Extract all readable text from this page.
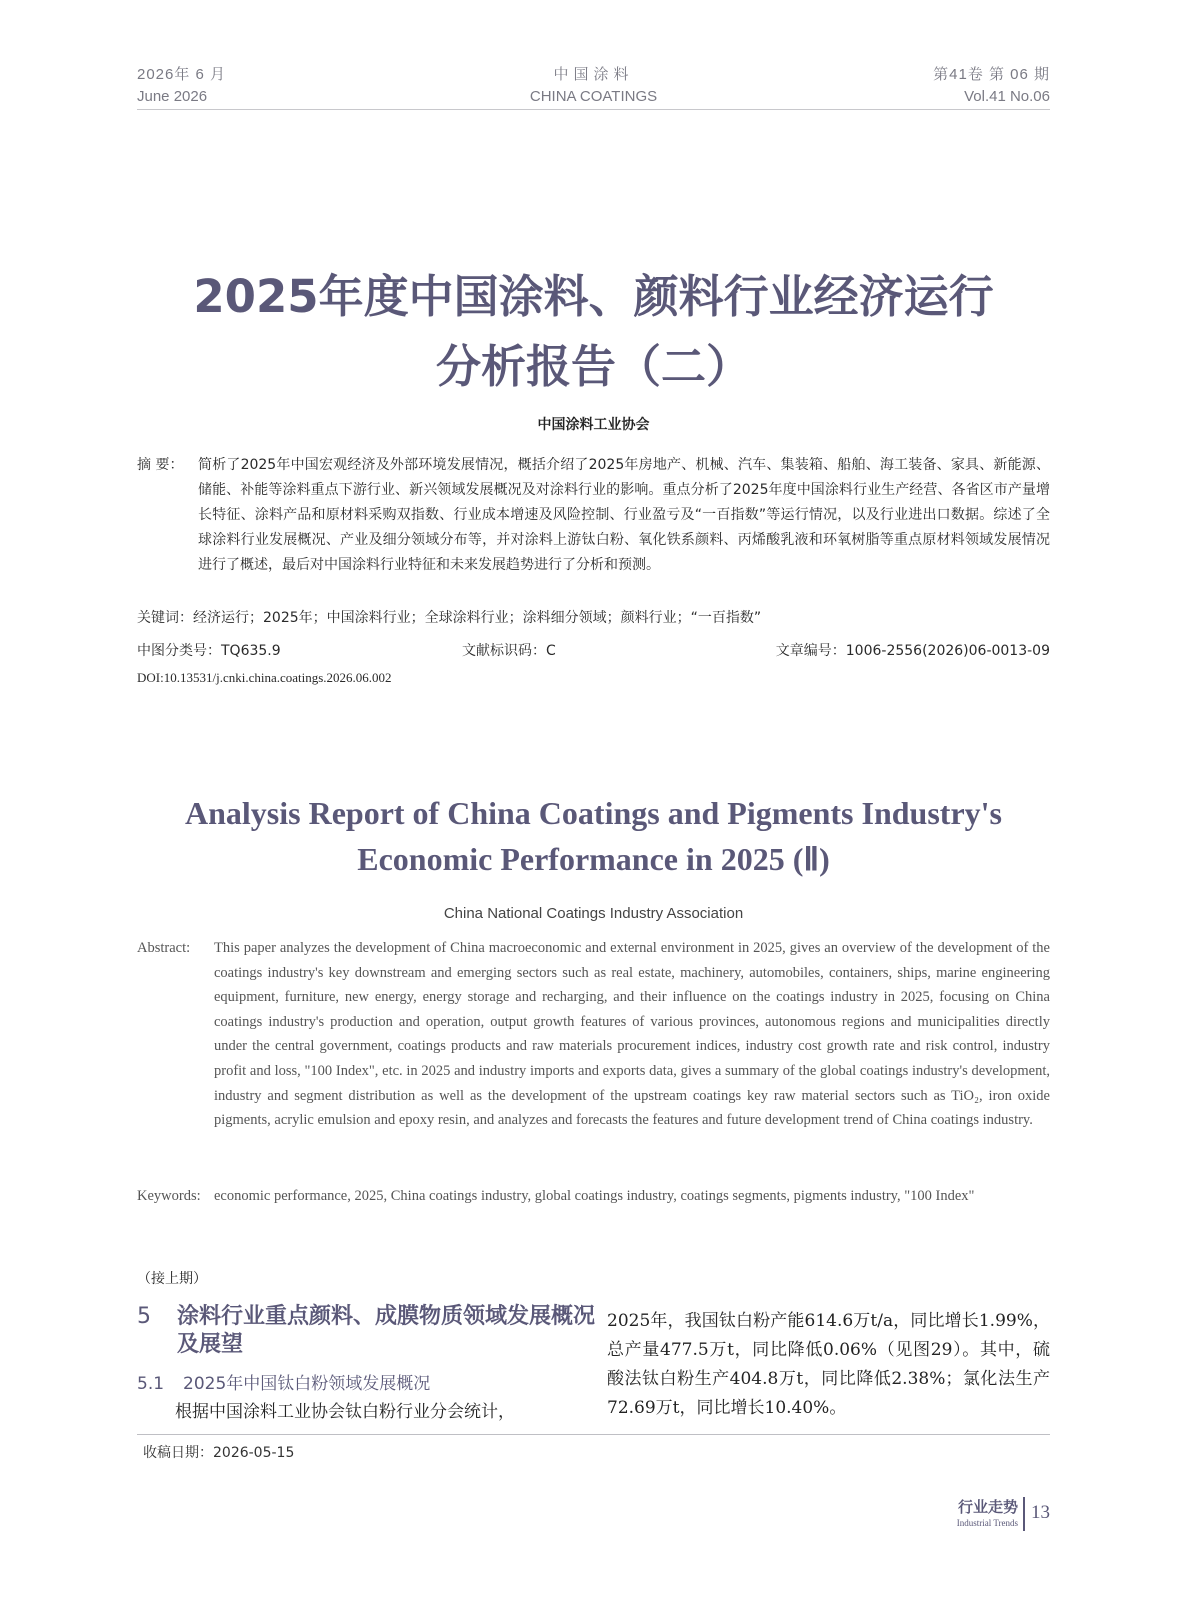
2026年 6 月
June 2026
中国涂料
CHINA COATINGS
第41卷 第 06 期
Vol.41 No.06
2025年度中国涂料、颜料行业经济运行
分析报告（二）
中国涂料工业协会
摘 要： 简析了2025年中国宏观经济及外部环境发展情况，概括介绍了2025年房地产、机械、汽车、集装箱、船舶、海工装备、家具、新能源、储能、补能等涂料重点下游行业、新兴领域发展概况及对涂料行业的影响。重点分析了2025年度中国涂料行业生产经营、各省区市产量增长特征、涂料产品和原材料采购双指数、行业成本增速及风险控制、行业盈亏及“一百指数”等运行情况，以及行业进出口数据。综述了全球涂料行业发展概况、产业及细分领域分布等，并对涂料上游钛白粉、氧化铁系颜料、丙烯酸乳液和环氧树脂等重点原材料领域发展情况进行了概述，最后对中国涂料行业特征和未来发展趋势进行了分析和预测。
关键词：经济运行；2025年；中国涂料行业；全球涂料行业；涂料细分领域；颜料行业；“一百指数”
中图分类号：TQ635.9	文献标识码：C	文章编号：1006-2556(2026)06-0013-09
DOI:10.13531/j.cnki.china.coatings.2026.06.002
Analysis Report of China Coatings and Pigments Industry's
Economic Performance in 2025 (Ⅱ)
China National Coatings Industry Association
Abstract: This paper analyzes the development of China macroeconomic and external environment in 2025, gives an overview of the development of the coatings industry's key downstream and emerging sectors such as real estate, machinery, automobiles, containers, ships, marine engineering equipment, furniture, new energy, energy storage and recharging, and their influence on the coatings industry in 2025, focusing on China coatings industry's production and operation, output growth features of various provinces, autonomous regions and municipalities directly under the central government, coatings products and raw materials procurement indices, industry cost growth rate and risk control, industry profit and loss, "100 Index", etc. in 2025 and industry imports and exports data, gives a summary of the global coatings industry's development, industry and segment distribution as well as the development of the upstream coatings key raw material sectors such as TiO₂, iron oxide pigments, acrylic emulsion and epoxy resin, and analyzes and forecasts the features and future development trend of China coatings industry.
Keywords: economic performance, 2025, China coatings industry, global coatings industry, coatings segments, pigments industry, "100 Index"
（接上期）
5 涂料行业重点颜料、成膜物质领域发展概况及展望
5.1 2025年中国钛白粉领域发展概况
根据中国涂料工业协会钛白粉行业分会统计，
2025年，我国钛白粉产能614.6万t/a，同比增长1.99%，总产量477.5万t，同比降低0.06%（见图29）。其中，硫酸法钛白粉生产404.8万t，同比降低2.38%；氯化法生产72.69万t，同比增长10.40%。
收稿日期：2026-05-15
行业走势
Industrial Trends 13
